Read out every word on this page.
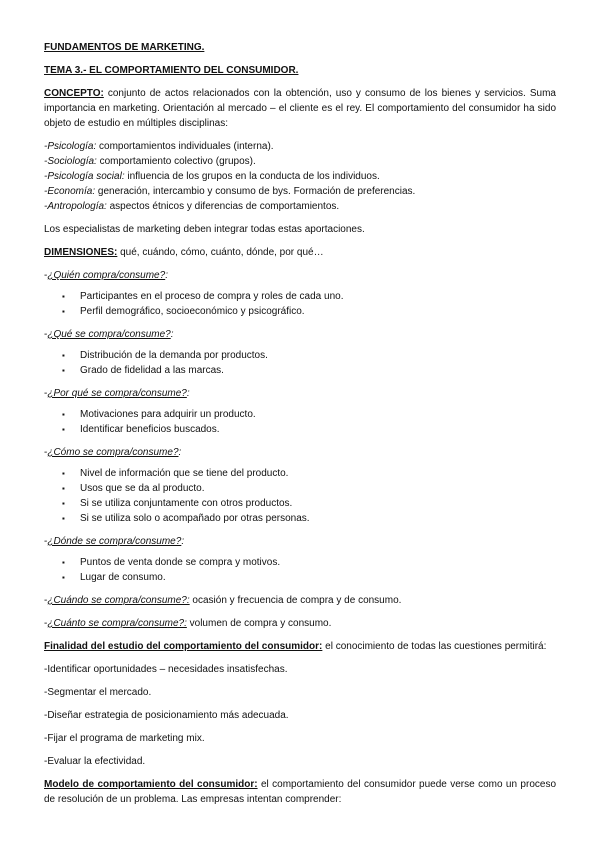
FUNDAMENTOS DE MARKETING.

TEMA 3.- EL COMPORTAMIENTO DEL CONSUMIDOR.

CONCEPTO: conjunto de actos relacionados con la obtención, uso y consumo de los bienes y servicios. Suma importancia en marketing. Orientación al mercado – el cliente es el rey. El comportamiento del consumidor ha sido objeto de estudio en múltiples disciplinas:

-Psicología: comportamientos individuales (interna).

-Sociología: comportamiento colectivo (grupos).

-Psicología social: influencia de los grupos en la conducta de los individuos.

-Economía: generación, intercambio y consumo de bys. Formación de preferencias.

-Antropología: aspectos étnicos y diferencias de comportamientos.

Los especialistas de marketing deben integrar todas estas aportaciones.

DIMENSIONES: qué, cuándo, cómo, cuánto, dónde, por qué…

-¿Quién compra/consume?:

▪ Participantes en el proceso de compra y roles de cada uno.
▪ Perfil demográfico, socioeconómico y psicográfico.

-¿Qué se compra/consume?:

▪ Distribución de la demanda por productos.
▪ Grado de fidelidad a las marcas.

-¿Por qué se compra/consume?:

▪ Motivaciones para adquirir un producto.
▪ Identificar beneficios buscados.

-¿Cómo se compra/consume?:

▪ Nivel de información que se tiene del producto.
▪ Usos que se da al producto.
▪ Si se utiliza conjuntamente con otros productos.
▪ Si se utiliza solo o acompañado por otras personas.

-¿Dónde se compra/consume?:

▪ Puntos de venta donde se compra y motivos.
▪ Lugar de consumo.

-¿Cuándo se compra/consume?: ocasión y frecuencia de compra y de consumo.

-¿Cuánto se compra/consume?: volumen de compra y consumo.

Finalidad del estudio del comportamiento del consumidor: el conocimiento de todas las cuestiones permitirá:

-Identificar oportunidades – necesidades insatisfechas.

-Segmentar el mercado.

-Diseñar estrategia de posicionamiento más adecuada.

-Fijar el programa de marketing mix.

-Evaluar la efectividad.

Modelo de comportamiento del consumidor: el comportamiento del consumidor puede verse como un proceso de resolución de un problema. Las empresas intentan comprender:
